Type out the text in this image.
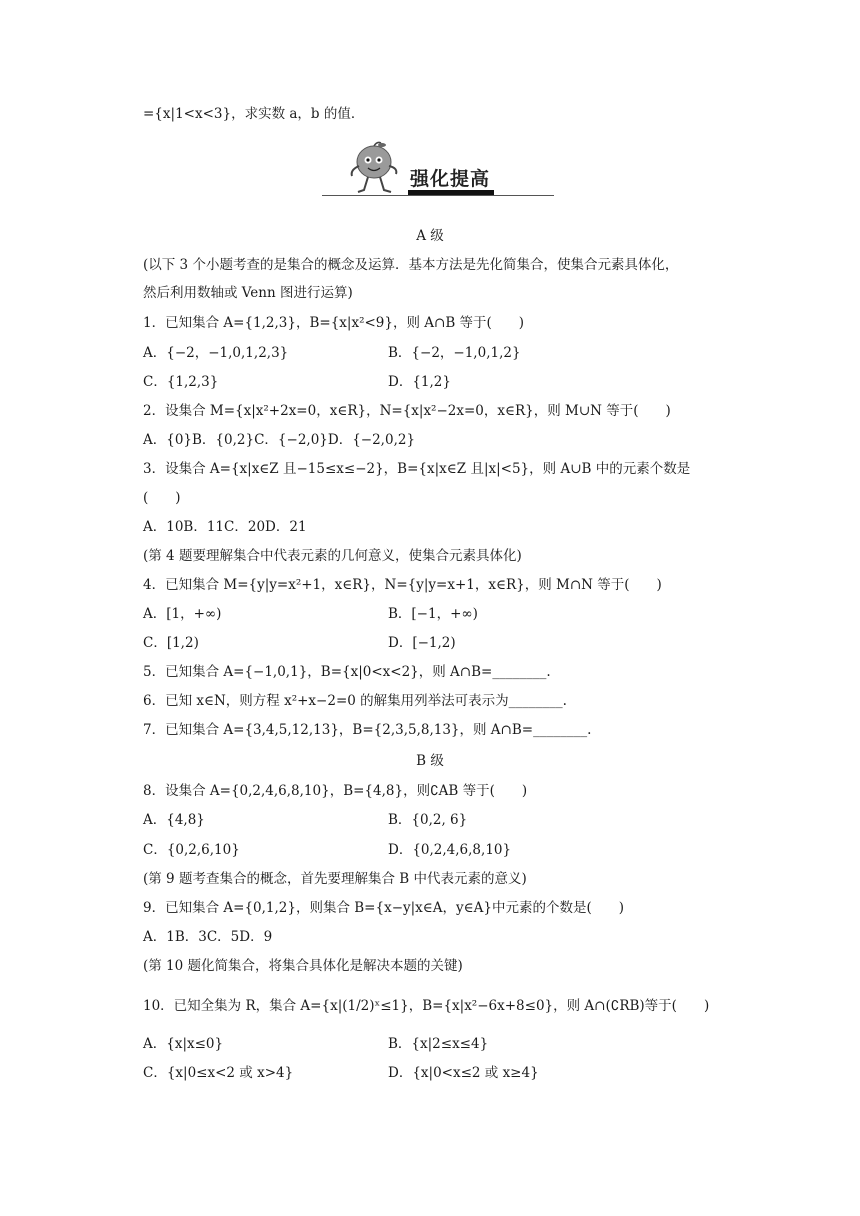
强化提高
={x|1<x<3}，求实数 a，b 的值．
(以下 3 个小题考查的是集合的概念及运算．基本方法是先化简集合，使集合元素具体化，
然后利用数轴或 Venn 图进行运算)
1．已知集合 A={1,2,3}，B={x|x²<9}，则 A∩B 等于(　　)
A．{−2，−1,0,1,2,3}
C．{1,2,3}
2．设集合 M={x|x²+2x=0，x∈R}，N={x|x²−2x=0，x∈R}，则 M∪N 等于(　　)
A．{0}B．{0,2}C．{−2,0}D．{−2,0,2}
3．设集合 A={x|x∈Z 且−15≤x≤−2}，B={x|x∈Z 且|x|<5}，则 A∪B 中的元素个数是
(　　)
A．10B．11C．20D．21
(第 4 题要理解集合中代表元素的几何意义，使集合元素具体化)
4．已知集合 M={y|y=x²+1，x∈R}，N={y|y=x+1，x∈R}，则 M∩N 等于(　　)
A．[1，+∞)
C．[1,2)
5．已知集合 A={−1,0,1}，B={x|0<x<2}，则 A∩B=________.
6．已知 x∈N，则方程 x²+x−2=0 的解集用列举法可表示为________.
7．已知集合 A={3,4,5,12,13}，B={2,3,5,8,13}，则 A∩B=________.
8．设集合 A={0,2,4,6,8,10}，B={4,8}，则∁AB 等于(　　)
A．{4,8}
C．{0,2,6,10}
(第 9 题考查集合的概念，首先要理解集合 B 中代表元素的意义)
9．已知集合 A={0,1,2}，则集合 B={x−y|x∈A，y∈A}中元素的个数是(　　)
A．1B．3C．5D．9
(第 10 题化简集合，将集合具体化是解决本题的关键)
10．已知全集为 R，集合 A={x|(1/2)ˣ≤1}，B={x|x²−6x+8≤0}，则 A∩(∁RB)等于(　　)
A．{x|x≤0}
C．{x|0≤x<2 或 x>4}
B．{−2，−1,0,1,2}
D．{1,2}
B．[−1，+∞)
D．[−1,2)
B．{0,2, 6}
D．{0,2,4,6,8,10}
B．{x|2≤x≤4}
D．{x|0<x≤2 或 x≥4}
A 级
B 级
